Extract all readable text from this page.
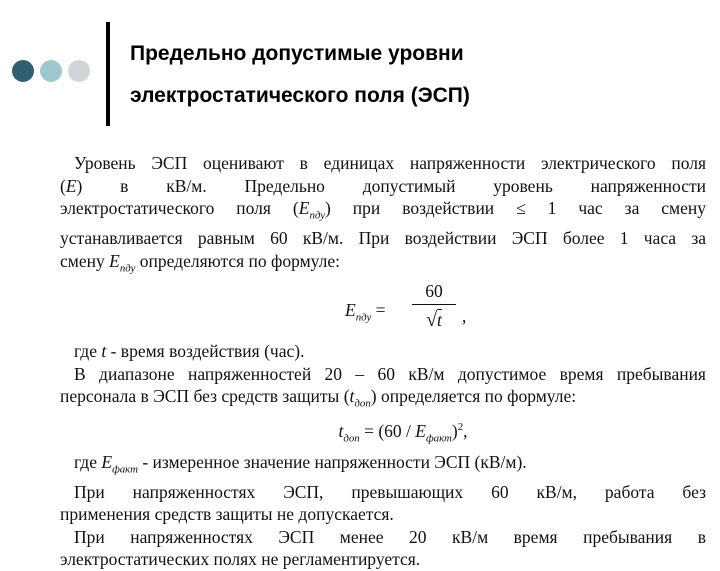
Предельно допустимые уровни
электростатического поля (ЭСП)

Уровень ЭСП оценивают в единицах напряженности электрического поля

(E) в кВ/м. Предельно допустимый уровень напряженности

электростатического поля $(E_{пду})$ при воздействии ≤ 1 час за смену

устанавливается равным 60 кВ/м. При воздействии ЭСП более 1 часа за

смену $E_{пду}$ определяются по формуле:

$E_{пду}$ =
60
√t	,

где t - время воздействия (час).

В диапазоне напряженностей 20 – 60 кВ/м допустимое время пребывания

персонала в ЭСП без средств защиты $(t_{доп})$ определяется по формуле:

$t_{доп} = (60 / E_{факт})^2$,

где $E_{факт}$ - измеренное значение напряженности ЭСП (кВ/м).

При напряженностях ЭСП, превышающих 60 кВ/м, работа без

применения средств защиты не допускается.

При напряженностях ЭСП менее 20 кВ/м время пребывания в

электростатических полях не регламентируется.
